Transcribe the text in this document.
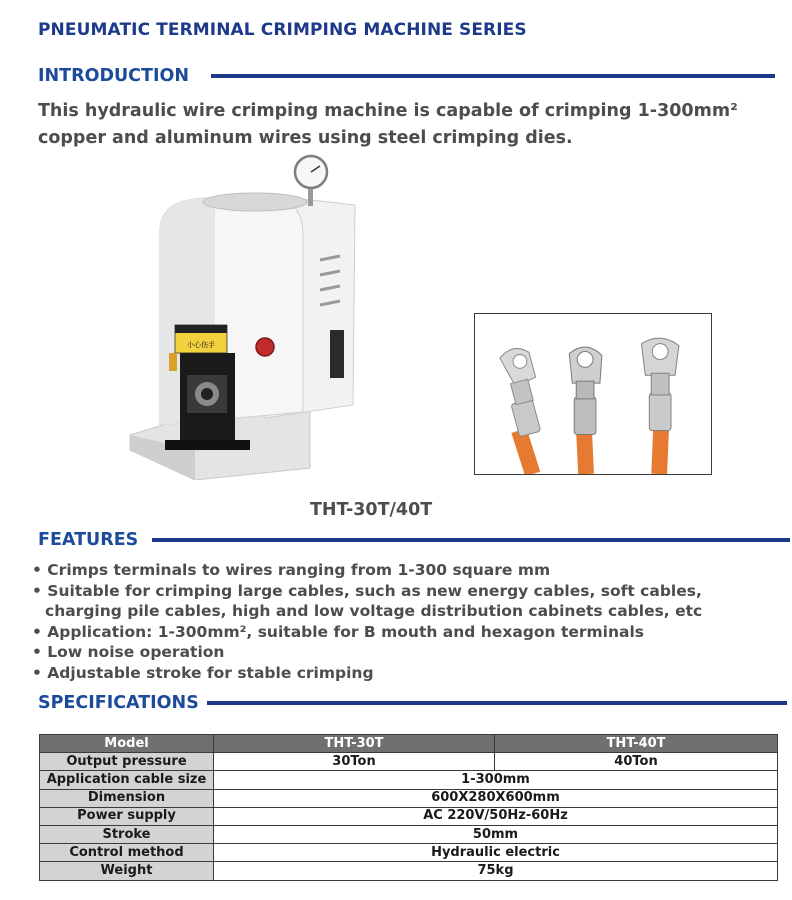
PNEUMATIC TERMINAL CRIMPING MACHINE SERIES
INTRODUCTION
This hydraulic wire crimping machine is capable of crimping 1-300mm² copper and aluminum wires using steel crimping dies.
小心伤手
THT-30T/40T
FEATURES
• Crimps terminals to wires ranging from 1-300 square mm
• Suitable for crimping large cables, such as new energy cables, soft cables,
charging pile cables, high and low voltage distribution cabinets cables, etc
• Application: 1-300mm², suitable for B mouth and hexagon terminals
• Low noise operation
• Adjustable stroke for stable crimping
SPECIFICATIONS
Model	THT-30T	THT-40T
Output pressure	30Ton	40Ton
Application cable size	1-300mm	
Dimension	600X280X600mm	
Power supply	AC 220V/50Hz-60Hz	
Stroke	50mm	
Control method	Hydraulic electric	
Weight	75kg	
